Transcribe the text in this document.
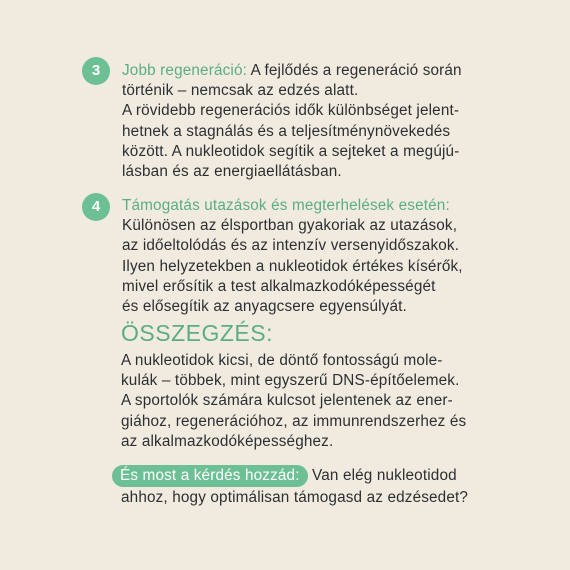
3	Jobb regeneráció: A fejlődés a regeneráció során
történik – nemcsak az edzés alatt.
A rövidebb regenerációs idők különbséget jelent-
hetnek a stagnálás és a teljesítménynövekedés
között. A nukleotidok segítik a sejteket a megújú-
lásban és az energiaellátásban.
4	Támogatás utazások és megterhelések esetén:
Különösen az élsportban gyakoriak az utazások,
az időeltolódás és az intenzív versenyidőszakok.
Ilyen helyzetekben a nukleotidok értékes kísérők,
mivel erősítik a test alkalmazkodóképességét
és elősegítik az anyagcsere egyensúlyát.
ÖSSZEGZÉS:
A nukleotidok kicsi, de döntő fontosságú mole-
kulák – többek, mint egyszerű DNS-építőelemek.
A sportolók számára kulcsot jelentenek az ener-
giához, regenerációhoz, az immunrendszerhez és
az alkalmazkodóképességhez.
És most a kérdés hozzád: Van elég nukleotidod
ahhoz, hogy optimálisan támogasd az edzésedet?
